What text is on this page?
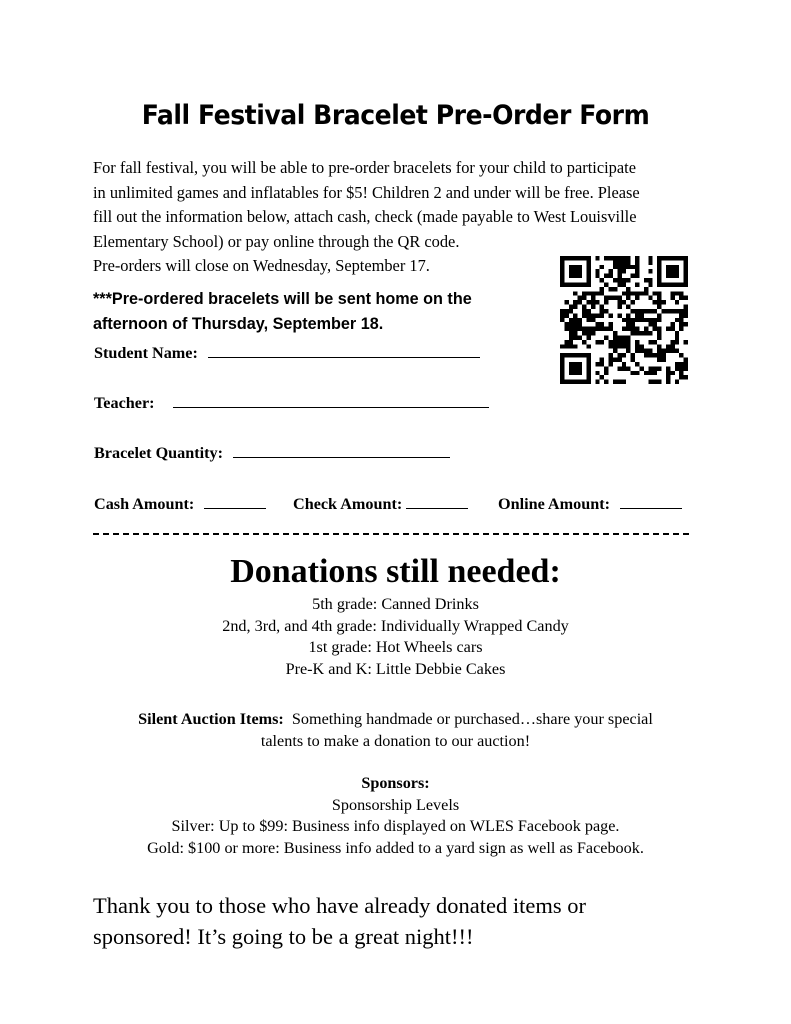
Fall Festival Bracelet Pre-Order Form

For fall festival, you will be able to pre-order bracelets for your child to participate

in unlimited games and inflatables for $5! Children 2 and under will be free. Please

fill out the information below, attach cash, check (made payable to West Louisville

Elementary School) or pay online through the QR code.

Pre-orders will close on Wednesday, September 17.

***Pre-ordered bracelets will be sent home on the
afternoon of Thursday, September 18.
Student Name:
Teacher:
Bracelet Quantity:
Cash Amount:	Check Amount:	Online Amount:
Donations still needed:
5th grade: Canned Drinks
2nd, 3rd, and 4th grade: Individually Wrapped Candy
1st grade: Hot Wheels cars
Pre-K and K: Little Debbie Cakes
Silent Auction Items: Something handmade or purchased…share your special
talents to make a donation to our auction!
Sponsors:
Sponsorship Levels
Silver: Up to $99: Business info displayed on WLES Facebook page.
Gold: $100 or more: Business info added to a yard sign as well as Facebook.
Thank you to those who have already donated items or
sponsored! It’s going to be a great night!!!
